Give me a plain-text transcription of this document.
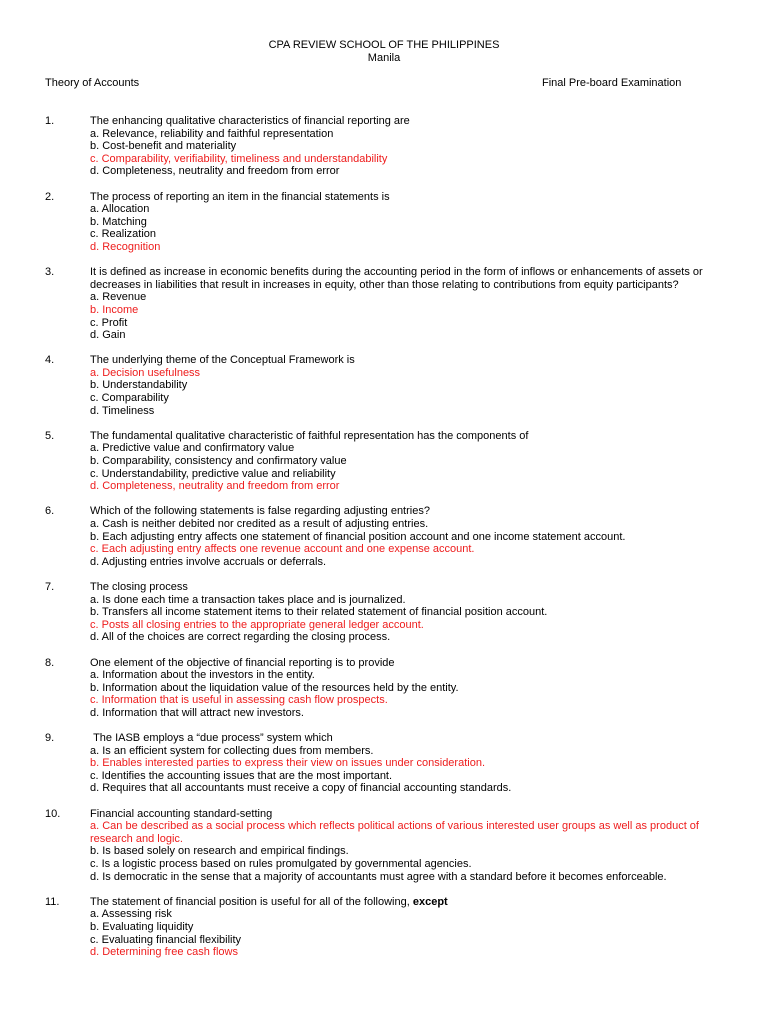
CPA REVIEW SCHOOL OF THE PHILIPPINES
Manila
Theory of Accounts	Final Pre-board Examination
1.	The enhancing qualitative characteristics of financial reporting are
a. Relevance, reliability and faithful representation
b. Cost-benefit and materiality
c. Comparability, verifiability, timeliness and understandability
d. Completeness, neutrality and freedom from error
2.	The process of reporting an item in the financial statements is
a. Allocation
b. Matching
c. Realization
d. Recognition
3.	It is defined as increase in economic benefits during the accounting period in the form of inflows or enhancements of assets or decreases in liabilities that result in increases in equity, other than those relating to contributions from equity participants?
a. Revenue
b. Income
c. Profit
d. Gain
4.	The underlying theme of the Conceptual Framework is
a. Decision usefulness
b. Understandability
c. Comparability
d. Timeliness
5.	The fundamental qualitative characteristic of faithful representation has the components of
a. Predictive value and confirmatory value
b. Comparability, consistency and confirmatory value
c. Understandability, predictive value and reliability
d. Completeness, neutrality and freedom from error
6.	Which of the following statements is false regarding adjusting entries?
a. Cash is neither debited nor credited as a result of adjusting entries.
b. Each adjusting entry affects one statement of financial position account and one income statement account.
c. Each adjusting entry affects one revenue account and one expense account.
d. Adjusting entries involve accruals or deferrals.
7.	The closing process
a. Is done each time a transaction takes place and is journalized.
b. Transfers all income statement items to their related statement of financial position account.
c. Posts all closing entries to the appropriate general ledger account.
d. All of the choices are correct regarding the closing process.
8.	One element of the objective of financial reporting is to provide
a. Information about the investors in the entity.
b. Information about the liquidation value of the resources held by the entity.
c. Information that is useful in assessing cash flow prospects.
d. Information that will attract new investors.
9.	The IASB employs a “due process” system which
a. Is an efficient system for collecting dues from members.
b. Enables interested parties to express their view on issues under consideration.
c. Identifies the accounting issues that are the most important.
d. Requires that all accountants must receive a copy of financial accounting standards.
10.	Financial accounting standard-setting
a. Can be described as a social process which reflects political actions of various interested user groups as well as product of research and logic.
b. Is based solely on research and empirical findings.
c. Is a logistic process based on rules promulgated by governmental agencies.
d. Is democratic in the sense that a majority of accountants must agree with a standard before it becomes enforceable.
11.	The statement of financial position is useful for all of the following, except
a. Assessing risk
b. Evaluating liquidity
c. Evaluating financial flexibility
d. Determining free cash flows
